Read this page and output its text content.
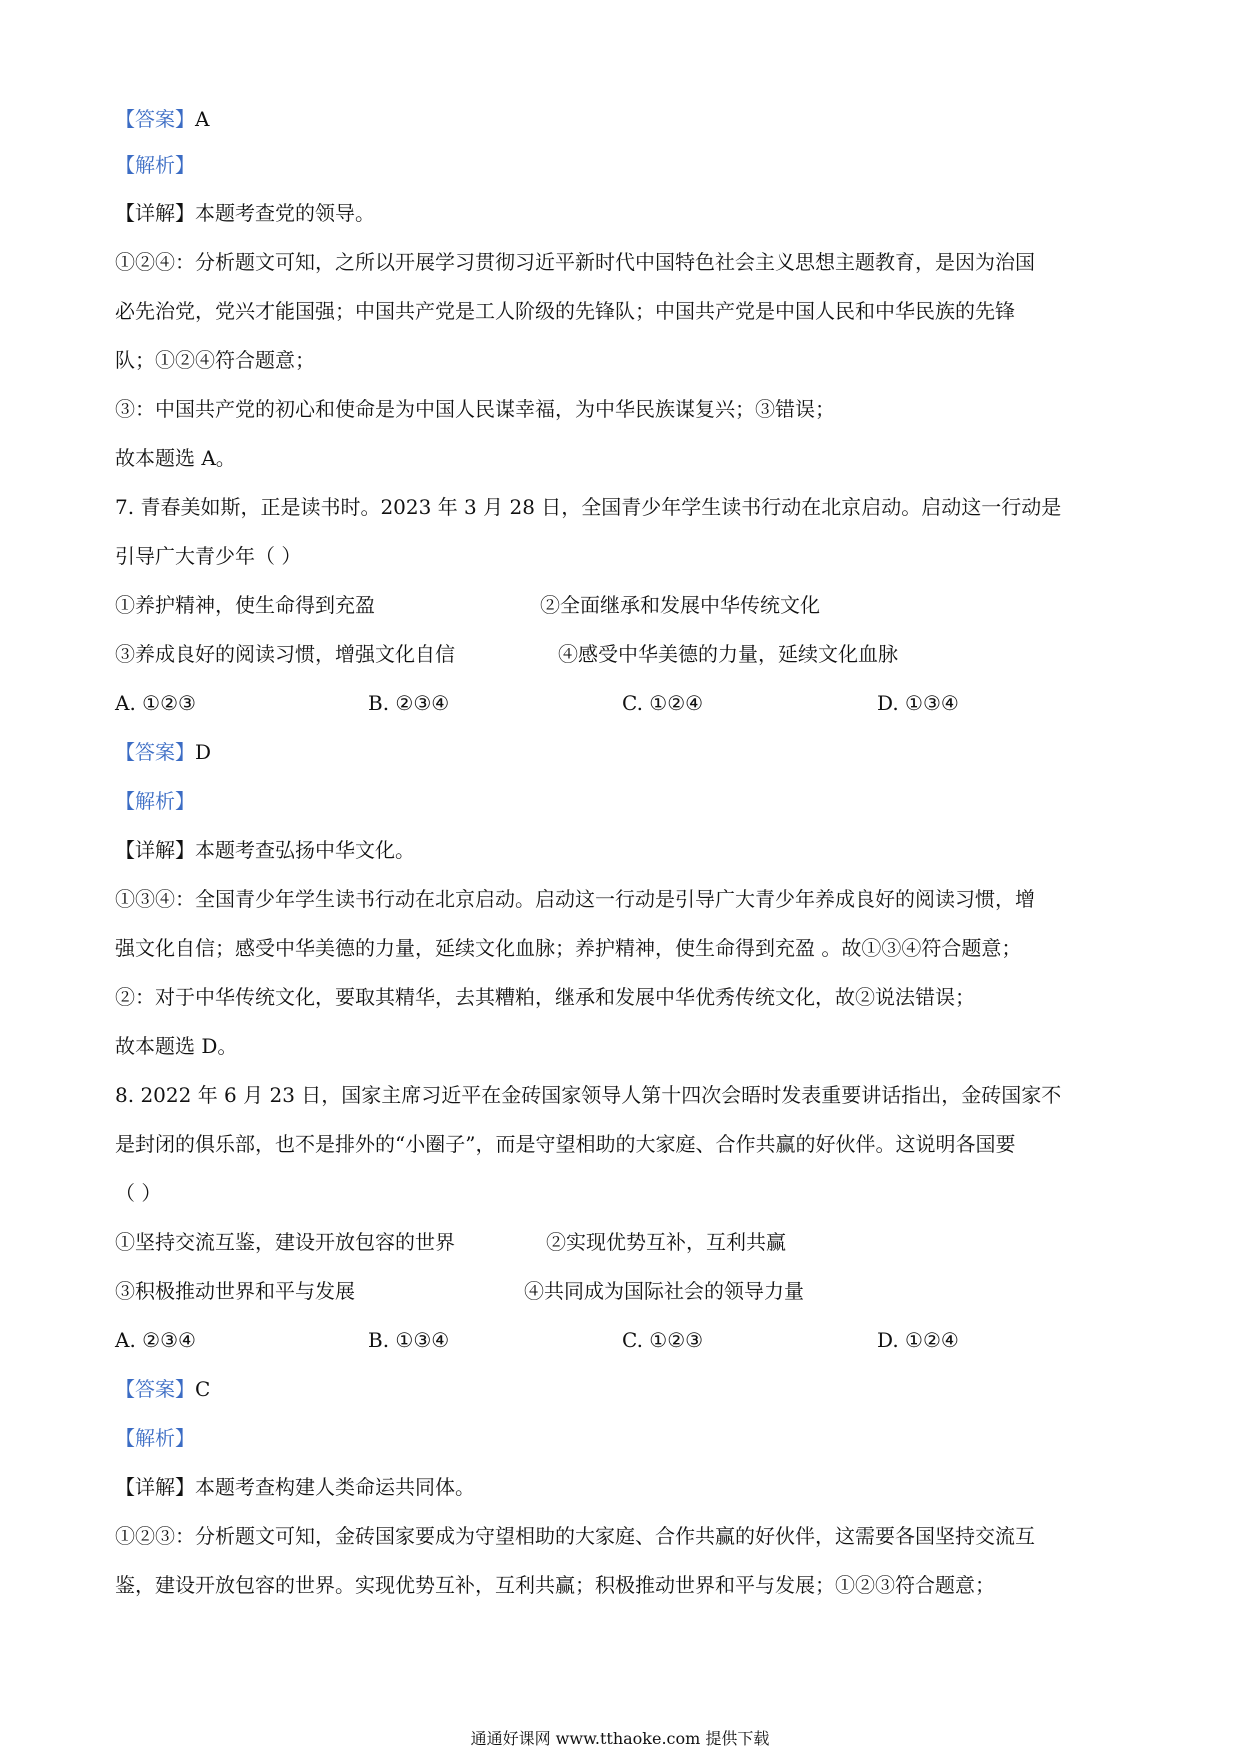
【答案】A
【解析】
【详解】本题考查党的领导。
①②④：分析题文可知，之所以开展学习贯彻习近平新时代中国特色社会主义思想主题教育，是因为治国
必先治党，党兴才能国强；中国共产党是工人阶级的先锋队；中国共产党是中国人民和中华民族的先锋
队；①②④符合题意；
③：中国共产党的初心和使命是为中国人民谋幸福，为中华民族谋复兴；③错误；
故本题选 A。
7. 青春美如斯，正是读书时。2023 年 3 月 28 日，全国青少年学生读书行动在北京启动。启动这一行动是
引导广大青少年（ ）
①养护精神，使生命得到充盈	②全面继承和发展中华传统文化
③养成良好的阅读习惯，增强文化自信	④感受中华美德的力量，延续文化血脉
A. ①②③	B. ②③④	C. ①②④	D. ①③④
【答案】D
【解析】
【详解】本题考查弘扬中华文化。
①③④：全国青少年学生读书行动在北京启动。启动这一行动是引导广大青少年养成良好的阅读习惯，增
强文化自信；感受中华美德的力量，延续文化血脉；养护精神，使生命得到充盈 。故①③④符合题意；
②：对于中华传统文化，要取其精华，去其糟粕，继承和发展中华优秀传统文化，故②说法错误；
故本题选 D。
8. 2022 年 6 月 23 日，国家主席习近平在金砖国家领导人第十四次会晤时发表重要讲话指出，金砖国家不
是封闭的俱乐部，也不是排外的“小圈子”，而是守望相助的大家庭、合作共赢的好伙伴。这说明各国要
（ ）
①坚持交流互鉴，建设开放包容的世界	②实现优势互补，互利共赢
③积极推动世界和平与发展	④共同成为国际社会的领导力量
A. ②③④	B. ①③④	C. ①②③	D. ①②④
【答案】C
【解析】
【详解】本题考查构建人类命运共同体。
①②③：分析题文可知，金砖国家要成为守望相助的大家庭、合作共赢的好伙伴，这需要各国坚持交流互
鉴，建设开放包容的世界。实现优势互补，互利共赢；积极推动世界和平与发展；①②③符合题意；
通通好课网 www.tthaoke.com 提供下载
